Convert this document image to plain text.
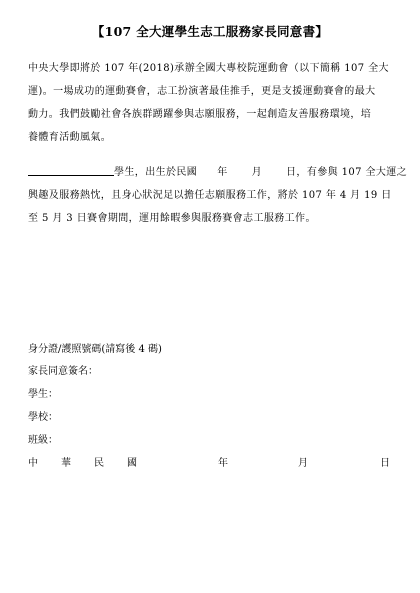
【107 全大運學生志工服務家長同意書】
中央大學即將於 107 年(2018)承辦全國大專校院運動會（以下簡稱 107 全大
運)。一場成功的運動賽會，志工扮演著最佳推手，更是支援運動賽會的最大
動力。我們鼓勵社會各族群踴躍參與志願服務，一起創造友善服務環境，培
養體育活動風氣。
學生，出生於民國 年 月 日，有參與 107 全大運之
興趣及服務熱忱，且身心狀況足以擔任志願服務工作，將於 107 年 4 月 19 日
至 5 月 3 日賽會期間，運用餘暇參與服務賽會志工服務工作。
身分證/護照號碼(請寫後 4 碼)
家長同意簽名：
學生：
學校：
班級：
中 華 民 國	年	月	日
